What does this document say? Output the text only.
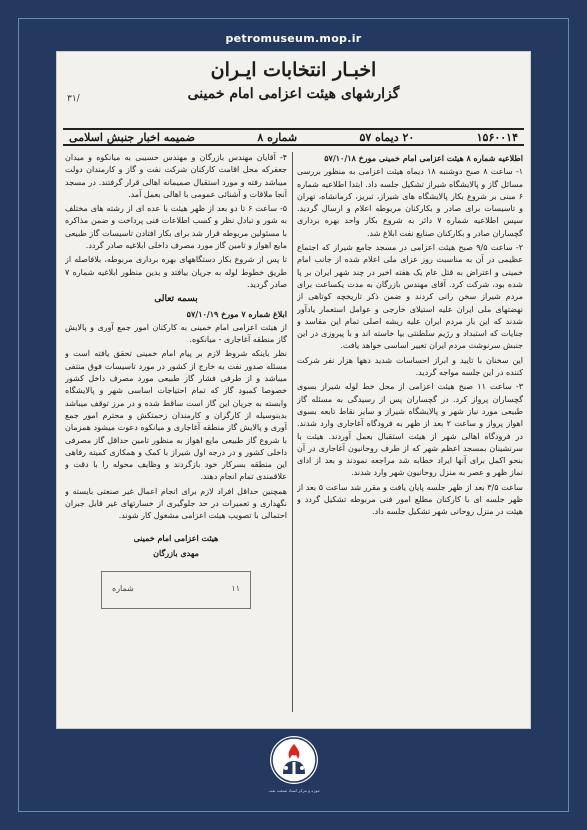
petromuseum.mop.ir
اخبـار انتخابات ایـران
گزارشهای هیئت اعزامی امام خمینی
۳۱/
ضمیمه اخبار جنبش اسلامی	شماره ۸	۲۰ دیماه ۵۷	۱۵۶۰۰۱۴

اطلاعیه شماره ۸ هیئت اعزامی امام خمینی مورخ ۵۷/۱۰/۱۸

۱- ساعت ۸ صبح دوشنبه ۱۸ دیماه هیئت اعزامی به منظور بررسی مسائل گاز و پالایشگاه شیراز تشکیل جلسه داد. ابتدا اطلاعیه شماره ۶ مبنی بر شروع بکار پالایشگاه های شیراز، تبریز، کرمانشاه، تهران و تاسیسات برای صادر و بکارکنان مربوطه اعلام و ارسال گردید. سپس اطلاعیه شماره ۷ دائر به شروع بکار واحد بهره برداری گچساران صادر و بکارکنان صنایع نفت ابلاغ شد.

۲- ساعت ۹/۵ صبح هیئت اعزامی در مسجد جامع شیراز که اجتماع عظیمی در آن به مناسبت روز عزای ملی اعلام شده از جانب امام خمینی و اعتراض به قتل عام یک هفته اخیر در چند شهر ایران بر پا شده بود، شرکت کرد. آقای مهندس بازرگان به مدت یکساعت برای مردم شیراز سخن رانی کردند و ضمن ذکر تاریخچه کوتاهی از نهضتهای ملی ایران علیه استیلای خارجی و عوامل استعمار یادآور شدند که این بار مردم ایران علیه ریشه اصلی تمام این مفاسد و جنایات که استبداد و رژیم سلطنتی بپا خاسته اند و با پیروزی در این جنبش سرنوشت مردم ایران تغییر اساسی خواهد یافت.

این سخنان با تایید و ابراز احساسات شدید دهها هزار نفر شرکت کننده در این جلسه مواجه گردید.

۳- ساعت ۱۱ صبح هیئت اعزامی از محل خط لوله شیراز بسوی گچساران پرواز کرد. در گچساران پس از رسیدگی به مسئله گاز طبیعی مورد نیاز شهر و پالایشگاه شیراز و سایر نقاط تابعه بسوی اهواز پرواز و ساعت ۲ بعد از ظهر به فرودگاه آغاجاری وارد شدند. در فرودگاه اهالی شهر از هیئت استقبال بعمل آوردند. هیئت با سرنشینان بمسجد اعظم شهر که از طرف روحانیون آغاجاری در آن بنحو اکمل برای آنها ایراد خطابه شد مراجعه نمودند و بعد از ادای نماز ظهر و عصر به منزل روحانیون شهر وارد شدند.

ساعت ۳/۵ بعد از ظهر جلسه پایان یافت و مقرر شد ساعت ۵ بعد از ظهر جلسه ای با کارکنان مطلع امور فنی مربوطه تشکیل گردد و هیئت در منزل روحانی شهر تشکیل جلسه داد.

۴- آقایان مهندس بازرگان و مهندس حسیبی به میانکوه و میدان جعفرکه محل اقامت کارکنان شرکت نفت و گاز و کارمندان دولت میباشد رفته و مورد استقبال صمیمانه اهالی قرار گرفتند. در مسجد آنجا ملاقات و آشنائی عمومی با اهالی بعمل آمد.

۵- ساعت ۶ تا دو بعد از ظهر هیئت با عده ای از رشته های مختلف به شور و تبادل نظر و کسب اطلاعات فنی پرداخت و ضمن مذاکره با مسئولین مربوطه قرار شد برای بکار افتادن تاسیسات گاز طبیعی مایع اهواز و تامین گاز مورد مصرف داخلی ابلاغیه صادر گردد.

تا پس از شروع بکار دستگاههای بهره برداری مربوطه، بلافاصله از طریق خطوط لوله به جریان بیافتد و بدین منظور ابلاغیه شماره ۷ صادر گردید.

بسمه تعالی

ابلاغ شماره ۷ مورخ ۵۷/۱۰/۱۹

از هیئت اعزامی امام خمینی به کارکنان امور جمع آوری و پالایش گاز منطقه آغاجاری - میانکوه.

نظر باینکه شروط لازم بر پیام امام خمینی تحقق یافته است و مسئله صدور نفت به خارج از کشور در مورد تاسیسات فوق منتفی میباشد و از طرفی فشار گاز طبیعی مورد مصرف داخل کشور خصوصا کمبود گاز که تمام احتیاجات اساسی شهر و پالایشگاه وابسته به جریان این گاز است ساقط شده و در مرز توقف میباشد بدینوسیله از کارگران و کارمندان زحمتکش و محترم امور جمع آوری و پالایش گاز منطقه آغاجاری و میانکوه دعوت میشود همزمان با شروع گاز طبیعی مایع اهواز به منظور تامین حداقل گاز مصرفی داخلی کشور و در درجه اول شیراز با کمک و همکاری کمیته رفاهی این منطقه بسرکار خود بازگردند و وظایف محوله را با دقت و علاقمندی تمام انجام دهند.

همچنین حداقل افراد لازم برای انجام اعمال غیر صنعتی بایسته و نگهداری و تعمیرات در حد جلوگیری از خسارتهای غیر قابل جبران احتمالی با تصویب هیئت اعزامی مشغول کار شوند.

هیئت اعزامی امام خمینی
مهدی بازرگان
۱۱
شماره
موزه و مرکز اسناد صنعت نفت
